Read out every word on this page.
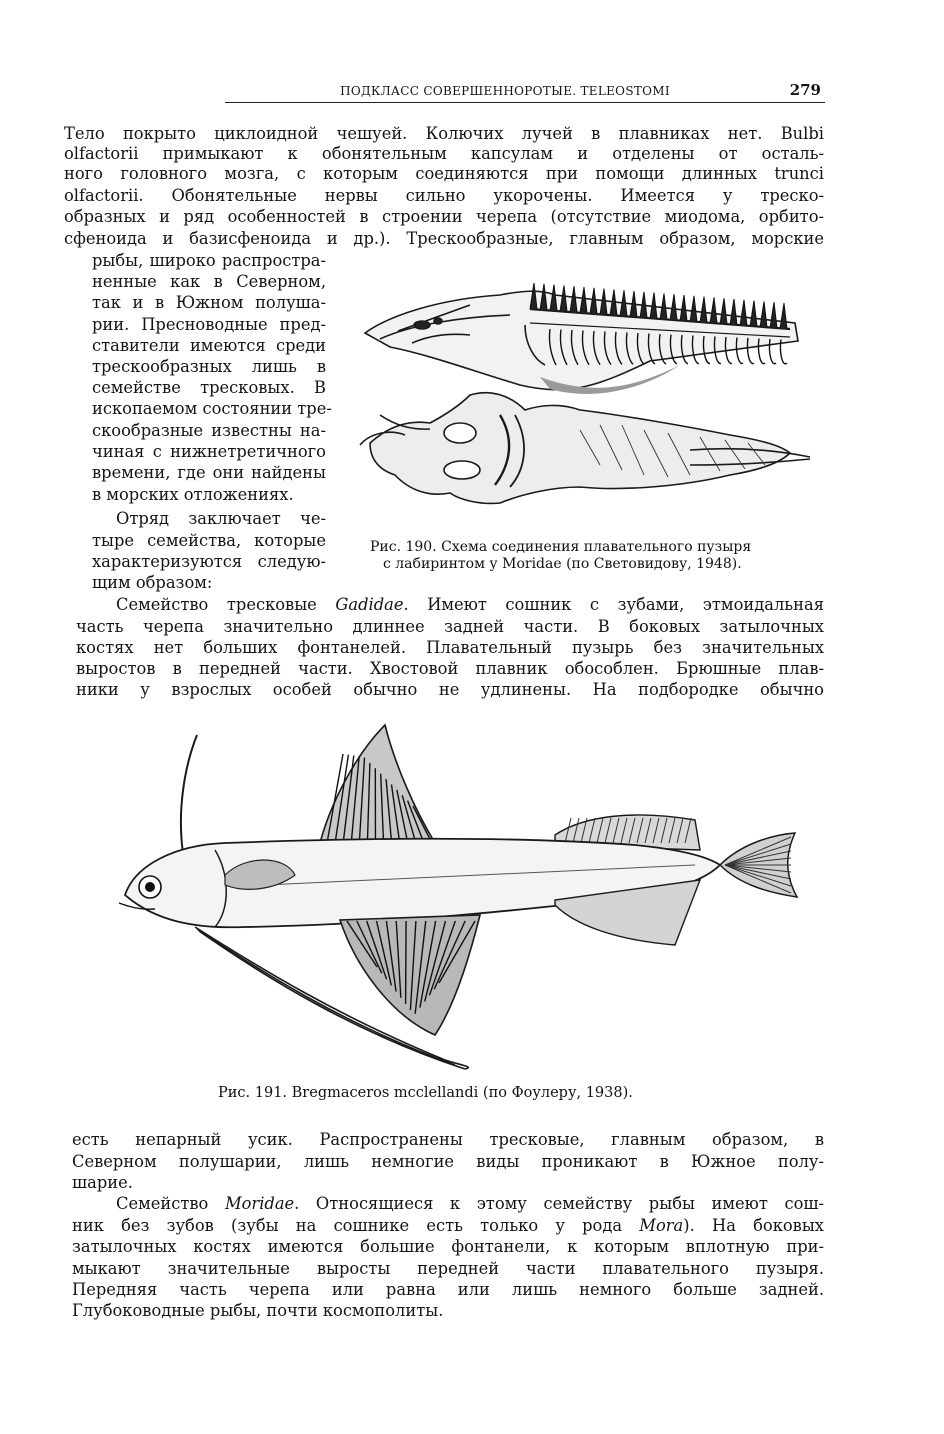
ПОДКЛАСС СОВЕРШЕННОРОТЫЕ. TELEOSTOMI	279
Тело покрыто циклоидной чешуей. Колючих лучей в плавниках нет. Bulbi
olfactorii примыкают к обонятельным капсулам и отделены от осталь-
ного головного мозга, с которым соединяются при помощи длинных trunci
olfactorii. Обонятельные нервы сильно укорочены. Имеется у треско-
образных и ряд особенностей в строении черепа (отсутствие миодома, орбито-
сфеноида и базисфеноида и др.). Трескообразные, главным образом, морские
рыбы, широко распростра-
ненные как в Северном,
так и в Южном полуша-
рии. Пресноводные пред-
ставители имеются среди
трескообразных лишь в
семействе тресковых. В
ископаемом состоянии тре-
скообразные известны на-
чиная с нижнетретичного
времени, где они найдены
в морских отложениях.
Отряд заключает че-
тыре семейства, которые
характеризуются следую-
щим образом:
Рис. 190. Схема соединения плавательного пузыря
с лабиринтом у Moridae (по Световидову, 1948).
Семейство тресковые Gadidae. Имеют сошник с зубами, этмоидальная
часть черепа значительно длиннее задней части. В боковых затылочных
костях нет больших фонтанелей. Плавательный пузырь без значительных
выростов в передней части. Хвостовой плавник обособлен. Брюшные плав-
ники у взрослых особей обычно не удлинены. На подбородке обычно
Рис. 191. Bregmaceros mcclellandi (по Фоулеру, 1938).
есть непарный усик. Распространены тресковые, главным образом, в
Северном полушарии, лишь немногие виды проникают в Южное полу-
шарие.
Семейство Moridae. Относящиеся к этому семейству рыбы имеют сош-
ник без зубов (зубы на сошнике есть только у рода Mora). На боковых
затылочных костях имеются большие фонтанели, к которым вплотную при-
мыкают значительные выросты передней части плавательного пузыря.
Передняя часть черепа или равна или лишь немного больше задней.
Глубоководные рыбы, почти космополиты.
